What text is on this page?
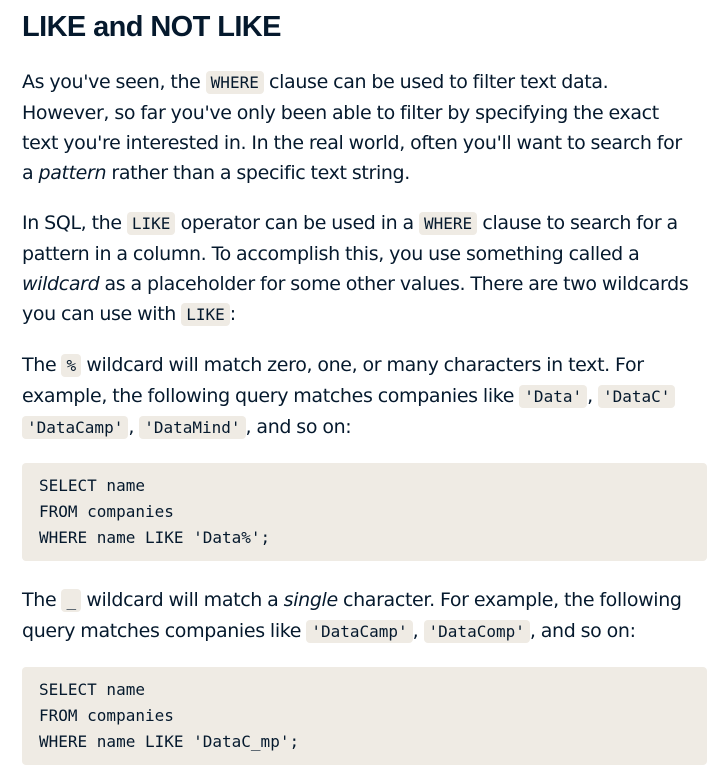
LIKE and NOT LIKE

As you've seen, the WHERE clause can be used to filter text data. However, so far you've only been able to filter by specifying the exact text you're interested in. In the real world, often you'll want to search for a pattern rather than a specific text string.

In SQL, the LIKE operator can be used in a WHERE clause to search for a pattern in a column. To accomplish this, you use something called a wildcard as a placeholder for some other values. There are two wildcards you can use with LIKE :

The % wildcard will match zero, one, or many characters in text. For example, the following query matches companies like 'Data' , 'DataC' 'DataCamp' , 'DataMind' , and so on:

SELECT name
FROM companies
WHERE name LIKE 'Data%';

The _ wildcard will match a single character. For example, the following query matches companies like 'DataCamp' , 'DataComp' , and so on:

SELECT name
FROM companies
WHERE name LIKE 'DataC_mp';
